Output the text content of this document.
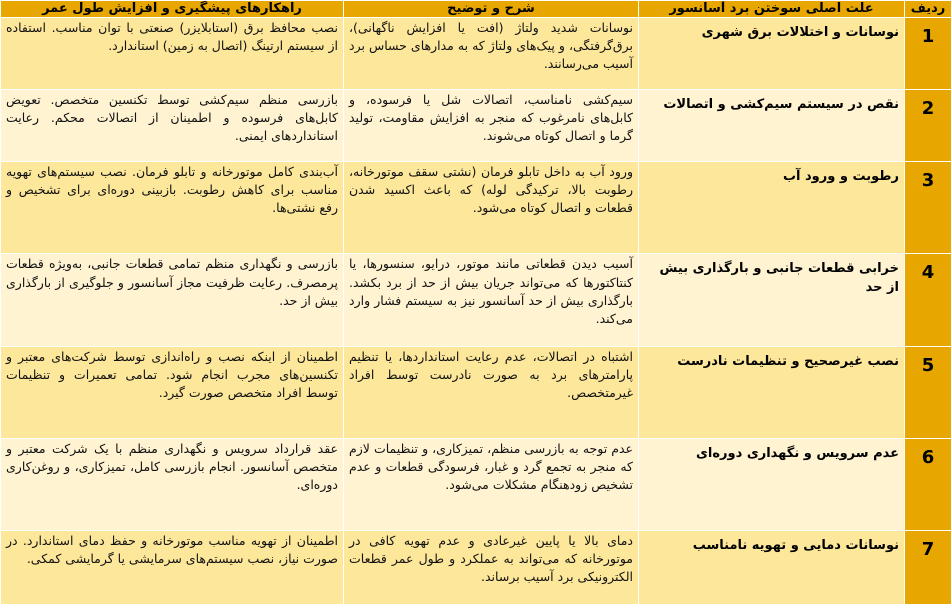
ردیف	علت اصلی سوختن برد آسانسور	شرح و توضیح	راهکارهای پیشگیری و افزایش طول عمر
1	نوسانات و اختلالات برق شهری	نوسانات شدید ولتاژ (افت یا افزایش ناگهانی)، برق‌گرفتگی، و پیک‌های ولتاژ که به مدارهای حساس برد آسیب می‌رسانند.	نصب محافظ برق (استابلایزر) صنعتی با توان مناسب. استفاده از سیستم ارتینگ (اتصال به زمین) استاندارد.
2	نقص در سیستم سیم‌کشی و اتصالات	سیم‌کشی نامناسب، اتصالات شل یا فرسوده، و کابل‌های نامرغوب که منجر به افزایش مقاومت، تولید گرما و اتصال کوتاه می‌شوند.	بازرسی منظم سیم‌کشی توسط تکنسین متخصص. تعویض کابل‌های فرسوده و اطمینان از اتصالات محکم. رعایت استانداردهای ایمنی.
3	رطوبت و ورود آب	ورود آب به داخل تابلو فرمان (نشتی سقف موتورخانه، رطوبت بالا، ترکیدگی لوله) که باعث اکسید شدن قطعات و اتصال کوتاه می‌شود.	آب‌بندی کامل موتورخانه و تابلو فرمان. نصب سیستم‌های تهویه مناسب برای کاهش رطوبت. بازبینی دوره‌ای برای تشخیص و رفع نشتی‌ها.
4	خرابی قطعات جانبی و بارگذاری بیش از حد	آسیب دیدن قطعاتی مانند موتور، درایو، سنسورها، یا کنتاکتورها که می‌تواند جریان بیش از حد از برد بکشد. بارگذاری بیش از حد آسانسور نیز به سیستم فشار وارد می‌کند.	بازرسی و نگهداری منظم تمامی قطعات جانبی، به‌ویژه قطعات پرمصرف. رعایت ظرفیت مجاز آسانسور و جلوگیری از بارگذاری بیش از حد.
5	نصب غیرصحیح و تنظیمات نادرست	اشتباه در اتصالات، عدم رعایت استانداردها، یا تنظیم پارامترهای برد به صورت نادرست توسط افراد غیرمتخصص.	اطمینان از اینکه نصب و راه‌اندازی توسط شرکت‌های معتبر و تکنسین‌های مجرب انجام شود. تمامی تعمیرات و تنظیمات توسط افراد متخصص صورت گیرد.
6	عدم سرویس و نگهداری دوره‌ای	عدم توجه به بازرسی منظم، تمیزکاری، و تنظیمات لازم که منجر به تجمع گرد و غبار، فرسودگی قطعات و عدم تشخیص زودهنگام مشکلات می‌شود.	عقد قرارداد سرویس و نگهداری منظم با یک شرکت معتبر و متخصص آسانسور. انجام بازرسی کامل، تمیزکاری، و روغن‌کاری دوره‌ای.
7	نوسانات دمایی و تهویه نامناسب	دمای بالا یا پایین غیرعادی و عدم تهویه کافی در موتورخانه که می‌تواند به عملکرد و طول عمر قطعات الکترونیکی برد آسیب برساند.	اطمینان از تهویه مناسب موتورخانه و حفظ دمای استاندارد. در صورت نیاز، نصب سیستم‌های سرمایشی یا گرمایشی کمکی.
